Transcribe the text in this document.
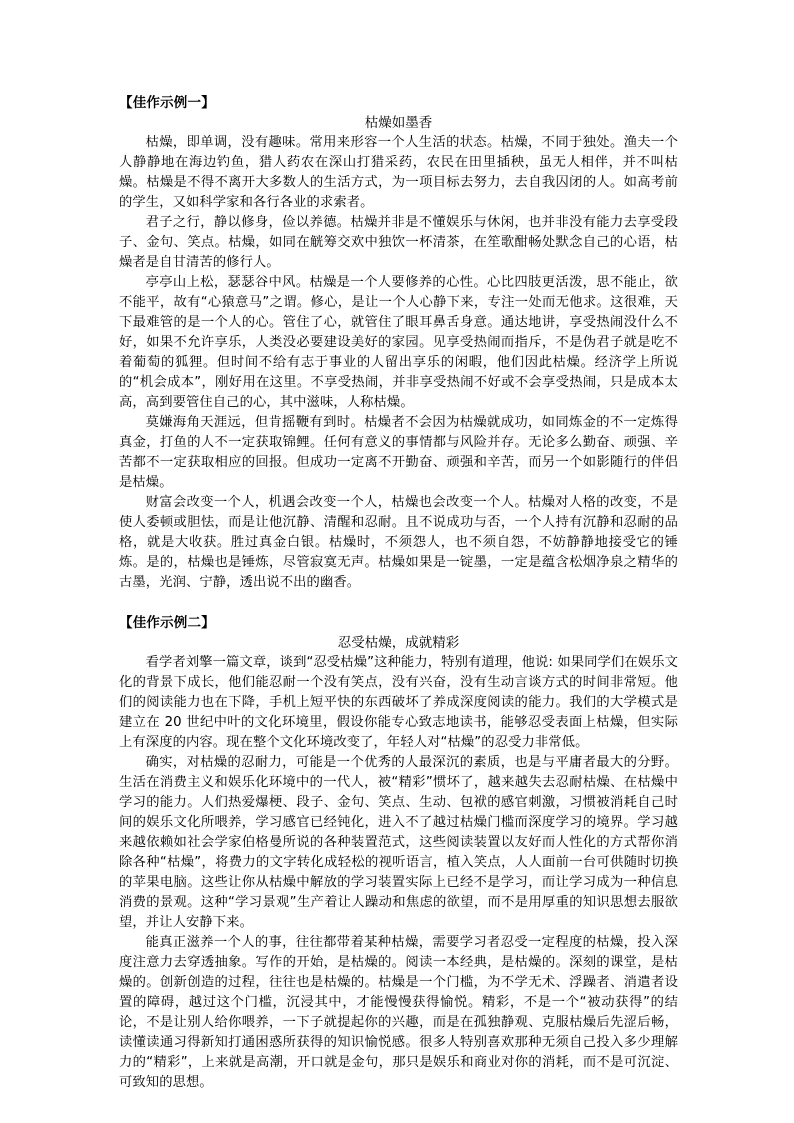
【佳作示例一】

枯燥如墨香

枯燥，即单调，没有趣味。常用来形容一个人生活的状态。枯燥，不同于独处。渔夫一个人静静地在海边钓鱼，猎人药农在深山打猎采药，农民在田里插秧，虽无人相伴，并不叫枯燥。枯燥是不得不离开大多数人的生活方式，为一项目标去努力，去自我囚闭的人。如高考前的学生，又如科学家和各行各业的求索者。

君子之行，静以修身，俭以养德。枯燥并非是不懂娱乐与休闲，也并非没有能力去享受段子、金句、笑点。枯燥，如同在觥筹交欢中独饮一杯清茶，在笙歌酣畅处默念自己的心语，枯燥者是自甘清苦的修行人。

亭亭山上松，瑟瑟谷中风。枯燥是一个人要修养的心性。心比四肢更活泼，思不能止，欲不能平，故有“心猿意马”之谓。修心，是让一个人心静下来，专注一处而无他求。这很难，天下最难管的是一个人的心。管住了心，就管住了眼耳鼻舌身意。通达地讲，享受热闹没什么不好，如果不允许享乐，人类没必要建设美好的家园。见享受热闹而指斥，不是伪君子就是吃不着葡萄的狐狸。但时间不给有志于事业的人留出享乐的闲暇，他们因此枯燥。经济学上所说的“机会成本”，刚好用在这里。不享受热闹，并非享受热闹不好或不会享受热闹，只是成本太高，高到要管住自己的心，其中滋味，人称枯燥。

莫嫌海角天涯远，但肯摇鞭有到时。枯燥者不会因为枯燥就成功，如同炼金的不一定炼得真金，打鱼的人不一定获取锦鲤。任何有意义的事情都与风险并存。无论多么勤奋、顽强、辛苦都不一定获取相应的回报。但成功一定离不开勤奋、顽强和辛苦，而另一个如影随行的伴侣是枯燥。

财富会改变一个人，机遇会改变一个人，枯燥也会改变一个人。枯燥对人格的改变，不是使人委顿或胆怯，而是让他沉静、清醒和忍耐。且不说成功与否，一个人持有沉静和忍耐的品格，就是大收获。胜过真金白银。枯燥时，不须怨人，也不须自怨，不妨静静地接受它的锤炼。是的，枯燥也是锤炼，尽管寂寞无声。枯燥如果是一锭墨，一定是蕴含松烟净泉之精华的古墨，光润、宁静，透出说不出的幽香。

【佳作示例二】

忍受枯燥，成就精彩

看学者刘擎一篇文章，谈到“忍受枯燥”这种能力，特别有道理，他说: 如果同学们在娱乐文化的背景下成长，他们能忍耐一个没有笑点，没有兴奋，没有生动言谈方式的时间非常短。他们的阅读能力也在下降，手机上短平快的东西破坏了养成深度阅读的能力。我们的大学模式是建立在 20 世纪中叶的文化环境里，假设你能专心致志地读书，能够忍受表面上枯燥，但实际上有深度的内容。现在整个文化环境改变了，年轻人对“枯燥”的忍受力非常低。

确实，对枯燥的忍耐力，可能是一个优秀的人最深沉的素质，也是与平庸者最大的分野。生活在消费主义和娱乐化环境中的一代人，被“精彩”惯坏了，越来越失去忍耐枯燥、在枯燥中学习的能力。人们热爱爆梗、段子、金句、笑点、生动、包袱的感官刺激，习惯被消耗自己时间的娱乐文化所喂养，学习感官已经钝化，进入不了越过枯燥门槛而深度学习的境界。学习越来越依赖如社会学家伯格曼所说的各种装置范式，这些阅读装置以友好而人性化的方式帮你消除各种“枯燥”，将费力的文字转化成轻松的视听语言，植入笑点，人人面前一台可供随时切换的苹果电脑。这些让你从枯燥中解放的学习装置实际上已经不是学习，而让学习成为一种信息消费的景观。这种“学习景观”生产着让人躁动和焦虑的欲望，而不是用厚重的知识思想去服欲望，并让人安静下来。

能真正滋养一个人的事，往往都带着某种枯燥，需要学习者忍受一定程度的枯燥，投入深度注意力去穿透抽象。写作的开始，是枯燥的。阅读一本经典，是枯燥的。深刻的课堂，是枯燥的。创新创造的过程，往往也是枯燥的。枯燥是一个门槛，为不学无术、浮躁者、消遣者设置的障碍，越过这个门槛，沉浸其中，才能慢慢获得愉悦。精彩，不是一个“被动获得”的结论，不是让别人给你喂养，一下子就提起你的兴趣，而是在孤独静观、克服枯燥后先涩后畅，读懂读通习得新知打通困惑所获得的知识愉悦感。很多人特别喜欢那种无须自己投入多少理解力的“精彩”，上来就是高潮，开口就是金句，那只是娱乐和商业对你的消耗，而不是可沉淀、可致知的思想。
